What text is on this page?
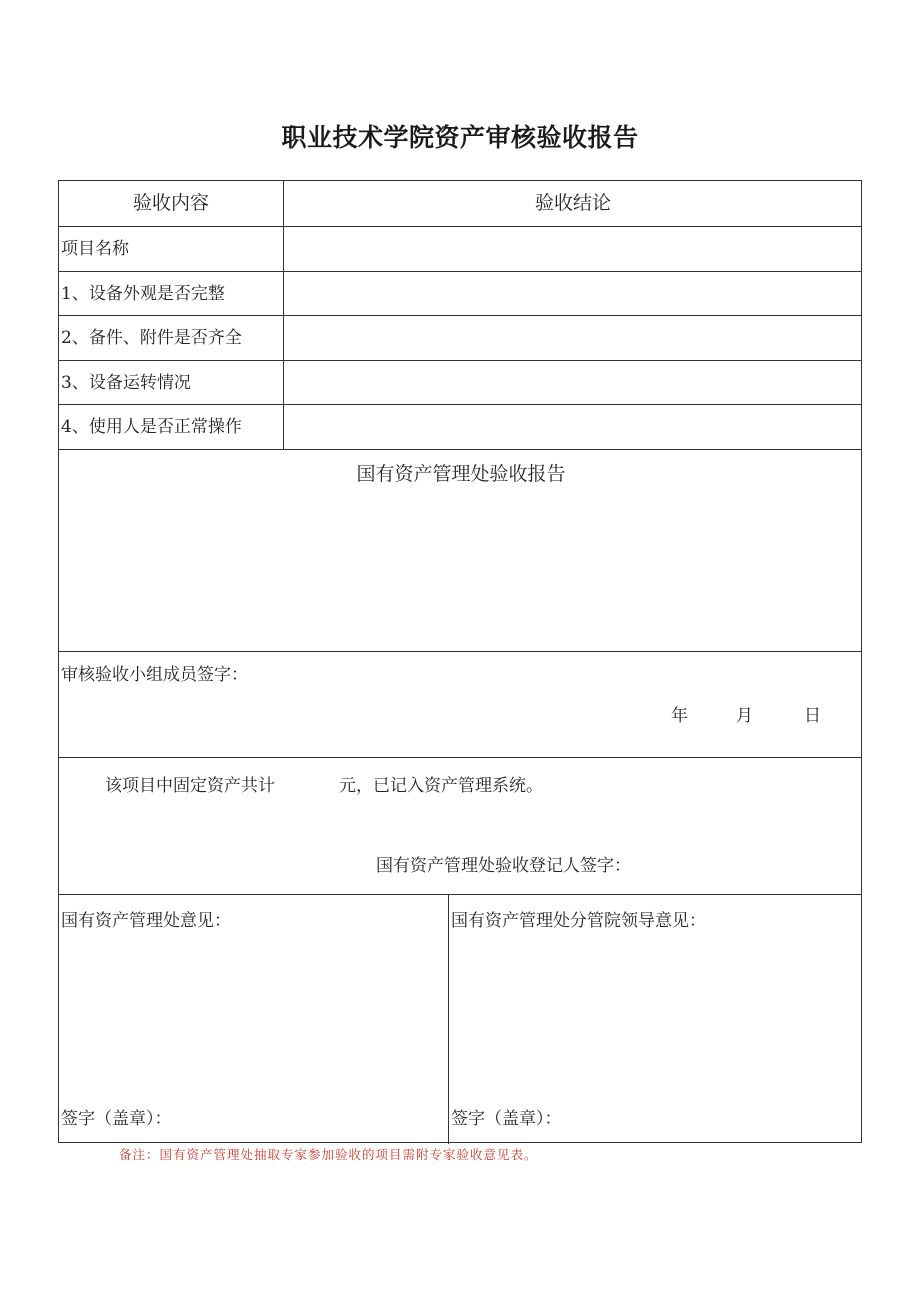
职业技术学院资产审核验收报告
验收内容	验收结论
项目名称
1、设备外观是否完整
2、备件、附件是否齐全
3、设备运转情况
4、使用人是否正常操作
国有资产管理处验收报告
审核验收小组成员签字：
年	月	日
该项目中固定资产共计	元，已记入资产管理系统。
国有资产管理处验收登记人签字：
国有资产管理处意见：	国有资产管理处分管院领导意见：
签字（盖章）：	签字（盖章）：
备注：国有资产管理处抽取专家参加验收的项目需附专家验收意见表。
